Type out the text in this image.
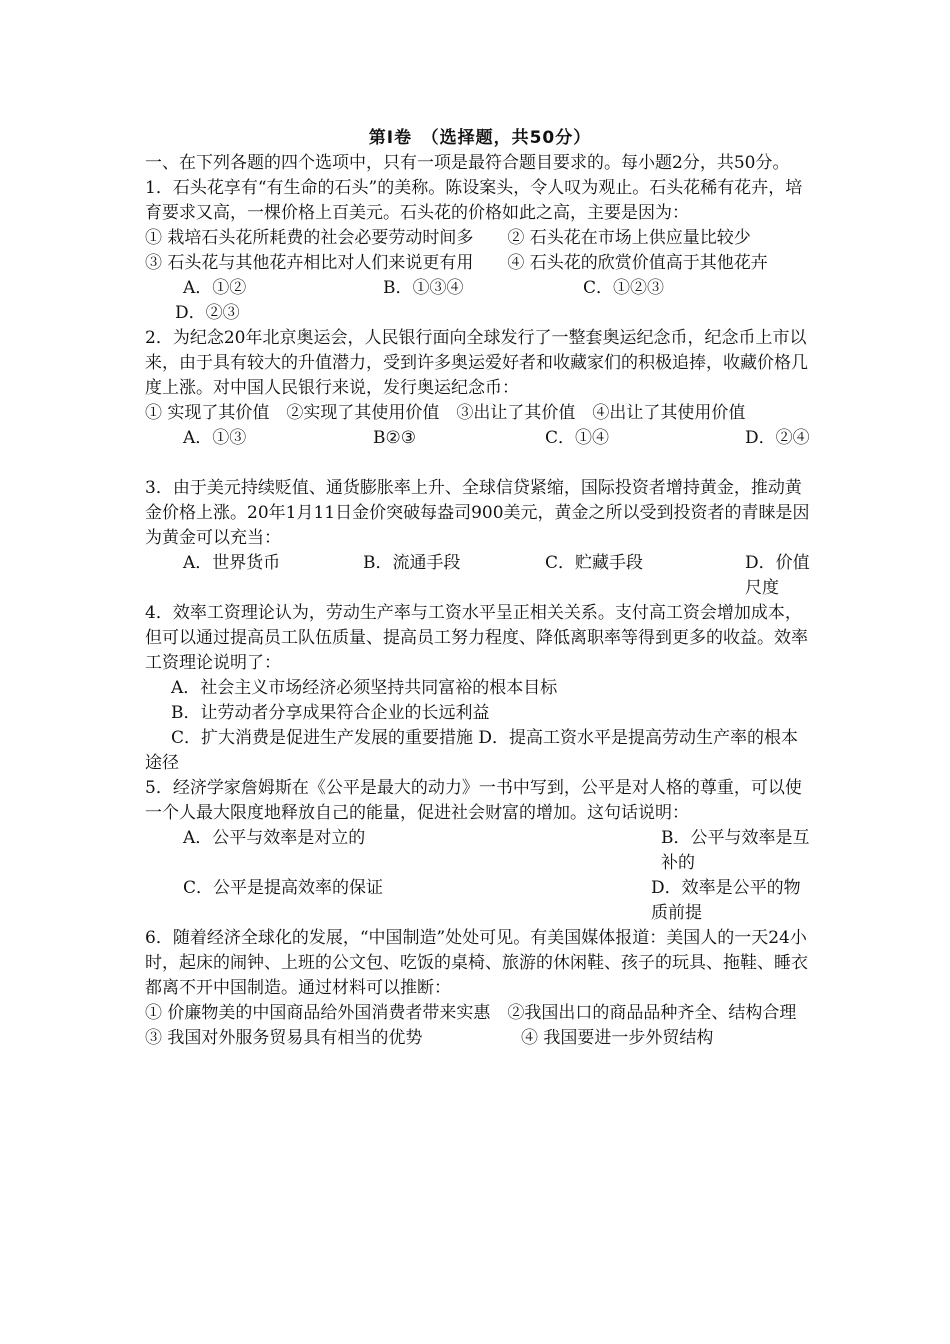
第Ⅰ卷　（选择题，共50分）

一、在下列各题的四个选项中，只有一项是最符合题目要求的。每小题2分，共50分。

1．石头花享有“有生命的石头”的美称。陈设案头，令人叹为观止。石头花稀有花卉，培育要求又高，一棵价格上百美元。石头花的价格如此之高，主要是因为：

① 栽培石头花所耗费的社会必要劳动时间多　　 ② 石头花在市场上供应量比较少
③ 石头花与其他花卉相比对人们来说更有用　　 ④ 石头花的欣赏价值高于其他花卉
A．①②	B．①③④	C．①②③
D．②③

2．为纪念20年北京奥运会，人民银行面向全球发行了一整套奥运纪念币，纪念币上市以来，由于具有较大的升值潜力，受到许多奥运爱好者和收藏家们的积极追捧，收藏价格几度上涨。对中国人民银行来说，发行奥运纪念币：

① 实现了其价值　②实现了其使用价值　③出让了其价值　④出让了其使用价值

A．①③	B②③	C．①④	D．②④

3．由于美元持续贬值、通货膨胀率上升、全球信贷紧缩，国际投资者增持黄金，推动黄金价格上涨。20年1月11日金价突破每盎司900美元，黄金之所以受到投资者的青睐是因为黄金可以充当：

A．世界货币	B．流通手段	C．贮藏手段	D．价值尺度

4．效率工资理论认为，劳动生产率与工资水平呈正相关关系。支付高工资会增加成本，但可以通过提高员工队伍质量、提高员工努力程度、降低离职率等得到更多的收益。效率工资理论说明了：

A．社会主义市场经济必须坚持共同富裕的根本目标

B．让劳动者分享成果符合企业的长远利益

C．扩大消费是促进生产发展的重要措施 D．提高工资水平是提高劳动生产率的根本途径

5．经济学家詹姆斯在《公平是最大的动力》一书中写到，公平是对人格的尊重，可以使一个人最大限度地释放自己的能量，促进社会财富的增加。这句话说明：

A．公平与效率是对立的	B．公平与效率是互补的
C．公平是提高效率的保证	D．效率是公平的物质前提

6．随着经济全球化的发展，“中国制造”处处可见。有美国媒体报道：美国人的一天24小时，起床的闹钟、上班的公文包、吃饭的桌椅、旅游的休闲鞋、孩子的玩具、拖鞋、睡衣都离不开中国制造。通过材料可以推断：

① 价廉物美的中国商品给外国消费者带来实惠　 ②我国出口的商品品种齐全、结构合理

③ 我国对外服务贸易具有相当的优势	④ 我国要进一步外贸结构
